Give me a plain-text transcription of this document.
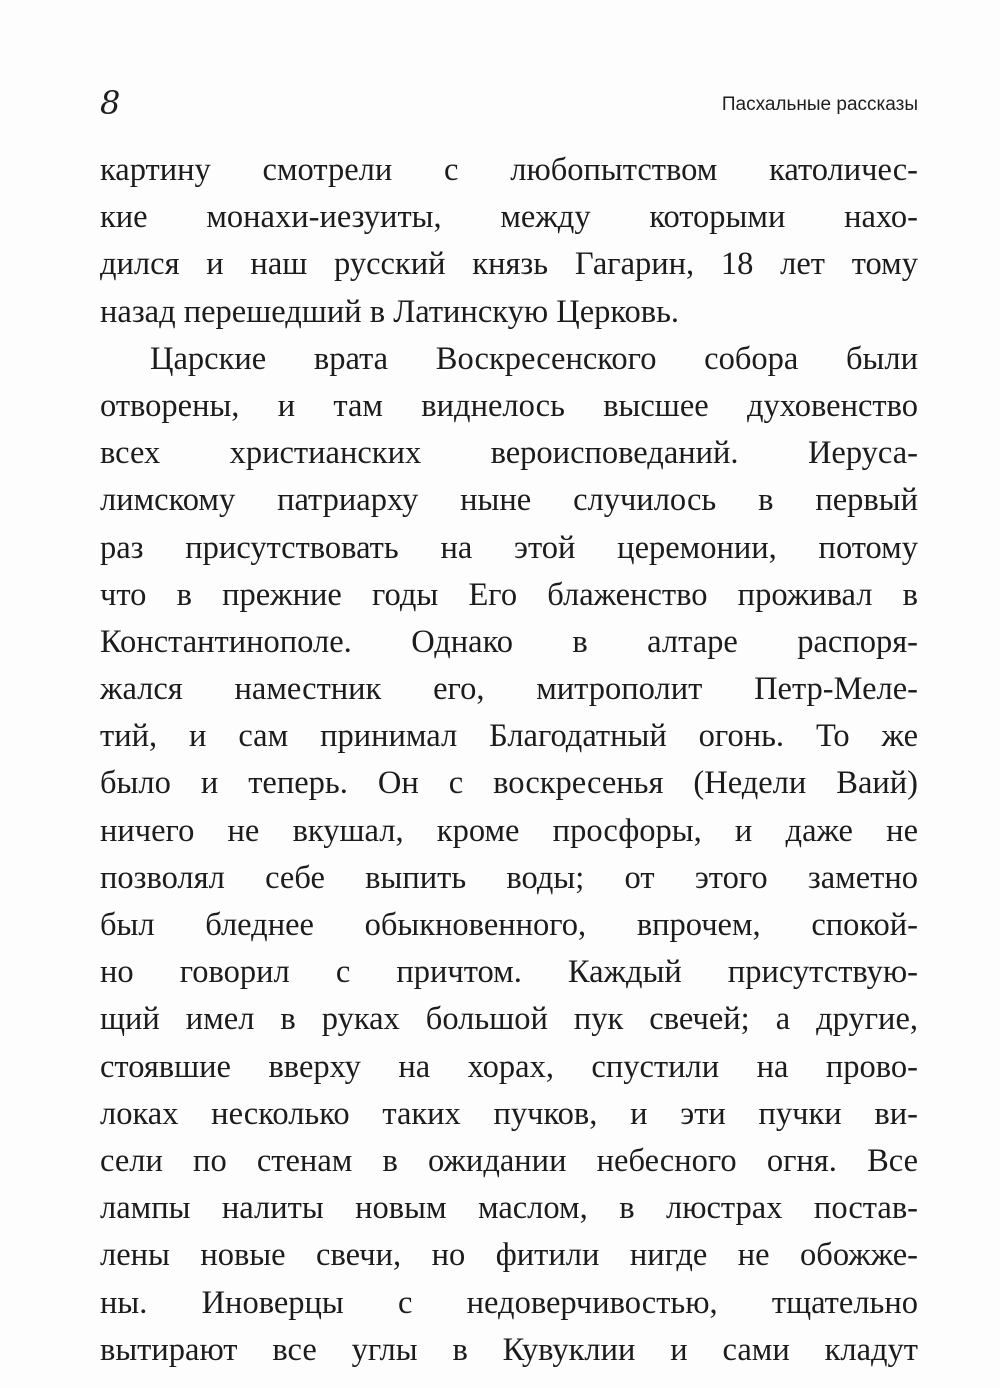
8	Пасхальные рассказы
картину смотрели с любопытством католичес-
кие монахи-иезуиты, между которыми нахо-
дился и наш русский князь Гагарин, 18 лет тому
назад перешедший в Латинскую Церковь.
Царские врата Воскресенского собора были
отворены, и там виднелось высшее духовенство
всех христианских вероисповеданий. Иеруса-
лимскому патриарху ныне случилось в первый
раз присутствовать на этой церемонии, потому
что в прежние годы Его блаженство проживал в
Константинополе. Однако в алтаре распоря-
жался наместник его, митрополит Петр-Меле-
тий, и сам принимал Благодатный огонь. То же
было и теперь. Он с воскресенья (Недели Ваий)
ничего не вкушал, кроме просфоры, и даже не
позволял себе выпить воды; от этого заметно
был бледнее обыкновенного, впрочем, спокой-
но говорил с причтом. Каждый присутствую-
щий имел в руках большой пук свечей; а другие,
стоявшие вверху на хорах, спустили на прово-
локах несколько таких пучков, и эти пучки ви-
сели по стенам в ожидании небесного огня. Все
лампы налиты новым маслом, в люстрах постав-
лены новые свечи, но фитили нигде не обожже-
ны. Иноверцы с недоверчивостью, тщательно
вытирают все углы в Кувуклии и сами кладут
